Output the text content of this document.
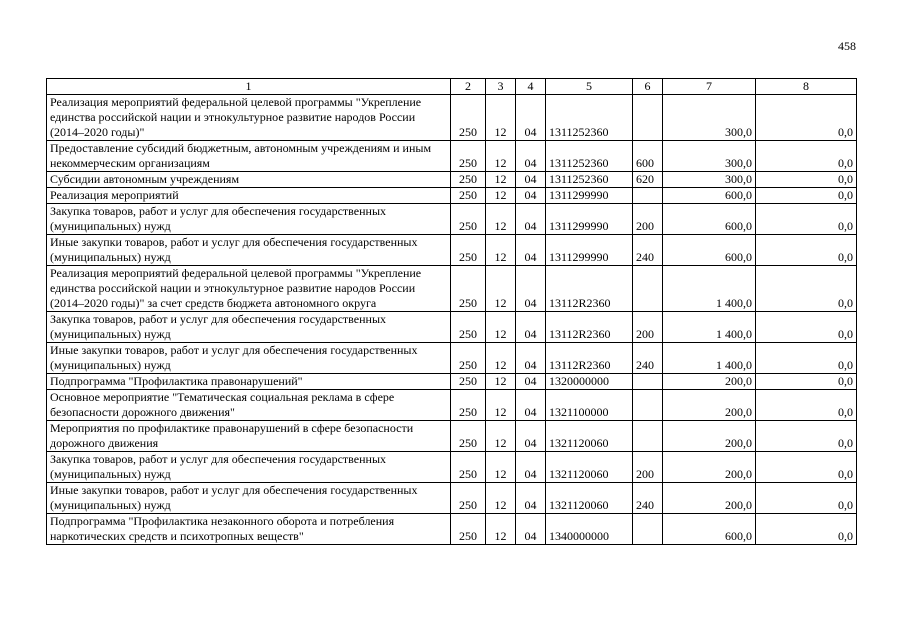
458
1	2	3	4	5	6	7	8
Реализация мероприятий федеральной целевой программы "Укрепление единства российской нации и этнокультурное развитие народов России (2014–2020 годы)"	250	12	04	1311252360		300,0	0,0
Предоставление субсидий бюджетным, автономным учреждениям и иным некоммерческим организациям	250	12	04	1311252360	600	300,0	0,0
Субсидии автономным учреждениям	250	12	04	1311252360	620	300,0	0,0
Реализация мероприятий	250	12	04	1311299990		600,0	0,0
Закупка товаров, работ и услуг для обеспечения государственных (муниципальных) нужд	250	12	04	1311299990	200	600,0	0,0
Иные закупки товаров, работ и услуг для обеспечения государственных (муниципальных) нужд	250	12	04	1311299990	240	600,0	0,0
Реализация мероприятий федеральной целевой программы "Укрепление единства российской нации и этнокультурное развитие народов России (2014–2020 годы)" за счет средств бюджета автономного округа	250	12	04	13112R2360		1 400,0	0,0
Закупка товаров, работ и услуг для обеспечения государственных (муниципальных) нужд	250	12	04	13112R2360	200	1 400,0	0,0
Иные закупки товаров, работ и услуг для обеспечения государственных (муниципальных) нужд	250	12	04	13112R2360	240	1 400,0	0,0
Подпрограмма "Профилактика правонарушений"	250	12	04	1320000000		200,0	0,0
Основное мероприятие "Тематическая социальная реклама в сфере безопасности дорожного движения"	250	12	04	1321100000		200,0	0,0
Мероприятия по профилактике правонарушений в сфере безопасности дорожного движения	250	12	04	1321120060		200,0	0,0
Закупка товаров, работ и услуг для обеспечения государственных (муниципальных) нужд	250	12	04	1321120060	200	200,0	0,0
Иные закупки товаров, работ и услуг для обеспечения государственных (муниципальных) нужд	250	12	04	1321120060	240	200,0	0,0
Подпрограмма "Профилактика незаконного оборота и потребления наркотических средств и психотропных веществ"	250	12	04	1340000000		600,0	0,0
